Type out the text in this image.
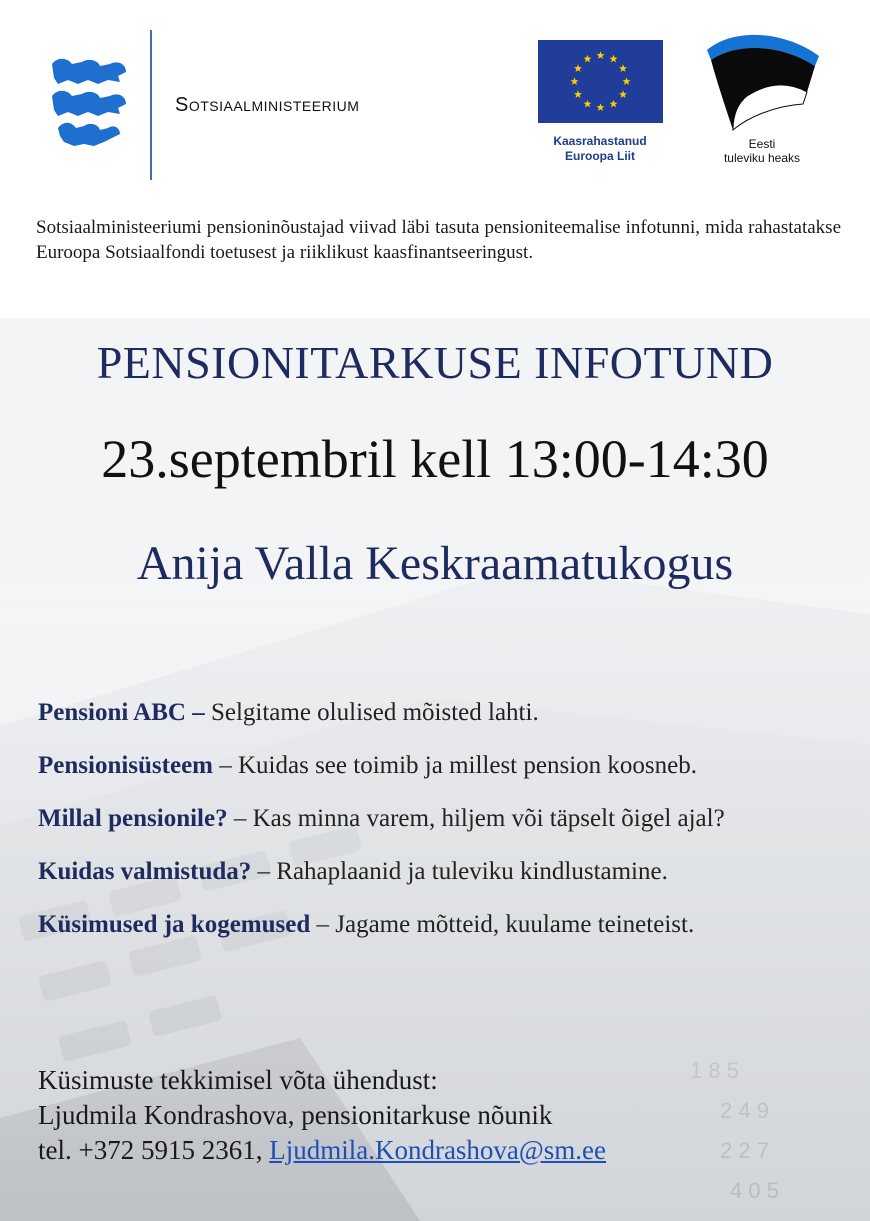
Sotsiaalministeerium
Kaasrahastanud
Euroopa Liit
Eesti
tuleviku heaks

Sotsiaalministeeriumi pensioninõustajad viivad läbi tasuta pensioniteemalise infotunni, mida rahastatakse Euroopa Sotsiaalfondi toetusest ja riiklikust kaasfinantseeringust.

PENSIONITARKUSE INFOTUND
23.septembril kell 13:00-14:30
Anija Valla Keskraamatukogus
Pensioni ABC – Selgitame olulised mõisted lahti.
Pensionisüsteem – Kuidas see toimib ja millest pension koosneb.
Millal pensionile? – Kas minna varem, hiljem või täpselt õigel ajal?
Kuidas valmistuda? – Rahaplaanid ja tuleviku kindlustamine.
Küsimused ja kogemused – Jagame mõtteid, kuulame teineteist.
Küsimuste tekkimisel võta ühendust:
Ljudmila Kondrashova, pensionitarkuse nõunik
tel. +372 5915 2361, Ljudmila.Kondrashova@sm.ee
